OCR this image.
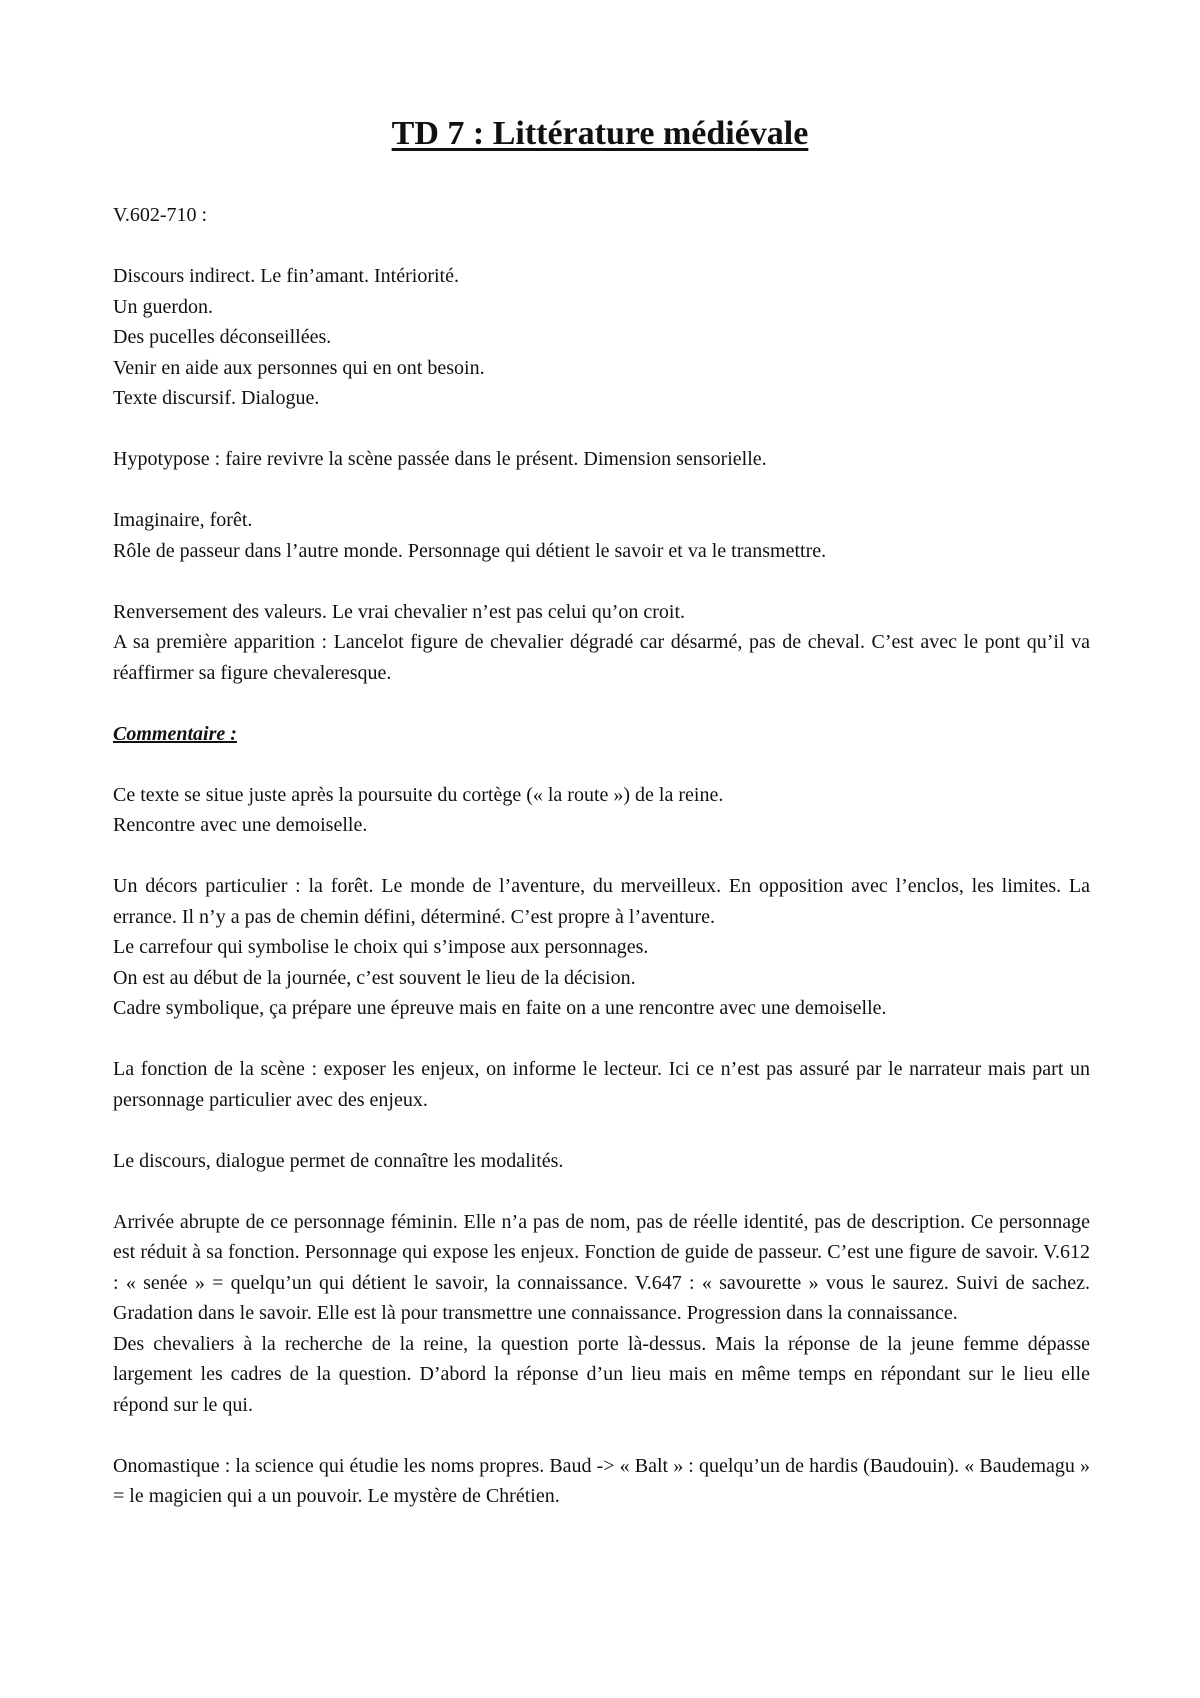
TD 7 : Littérature médiévale
V.602-710 :
Discours indirect. Le fin’amant. Intériorité.
Un guerdon.
Des pucelles déconseillées.
Venir en aide aux personnes qui en ont besoin.
Texte discursif. Dialogue.
Hypotypose : faire revivre la scène passée dans le présent. Dimension sensorielle.
Imaginaire, forêt.
Rôle de passeur dans l’autre monde. Personnage qui détient le savoir et va le transmettre.
Renversement des valeurs. Le vrai chevalier n’est pas celui qu’on croit.
A sa première apparition : Lancelot figure de chevalier dégradé car désarmé, pas de cheval. C’est avec le pont qu’il va réaffirmer sa figure chevaleresque.
Commentaire :
Ce texte se situe juste après la poursuite du cortège (« la route ») de la reine.
Rencontre avec une demoiselle.
Un décors particulier : la forêt. Le monde de l’aventure, du merveilleux. En opposition avec l’enclos, les limites. La errance. Il n’y a pas de chemin défini, déterminé. C’est propre à l’aventure.
Le carrefour qui symbolise le choix qui s’impose aux personnages.
On est au début de la journée, c’est souvent le lieu de la décision.
Cadre symbolique, ça prépare une épreuve mais en faite on a une rencontre avec une demoiselle.
La fonction de la scène : exposer les enjeux, on informe le lecteur. Ici ce n’est pas assuré par le narrateur mais part un personnage particulier avec des enjeux.
Le discours, dialogue permet de connaître les modalités.
Arrivée abrupte de ce personnage féminin. Elle n’a pas de nom, pas de réelle identité, pas de description. Ce personnage est réduit à sa fonction. Personnage qui expose les enjeux. Fonction de guide de passeur. C’est une figure de savoir. V.612 : « senée » = quelqu’un qui détient le savoir, la connaissance. V.647 : « savourette » vous le saurez. Suivi de sachez. Gradation dans le savoir. Elle est là pour transmettre une connaissance. Progression dans la connaissance.
Des chevaliers à la recherche de la reine, la question porte là-dessus. Mais la réponse de la jeune femme dépasse largement les cadres de la question. D’abord la réponse d’un lieu mais en même temps en répondant sur le lieu elle répond sur le qui.
Onomastique : la science qui étudie les noms propres. Baud -> « Balt » : quelqu’un de hardis (Baudouin). « Baudemagu » = le magicien qui a un pouvoir. Le mystère de Chrétien.
